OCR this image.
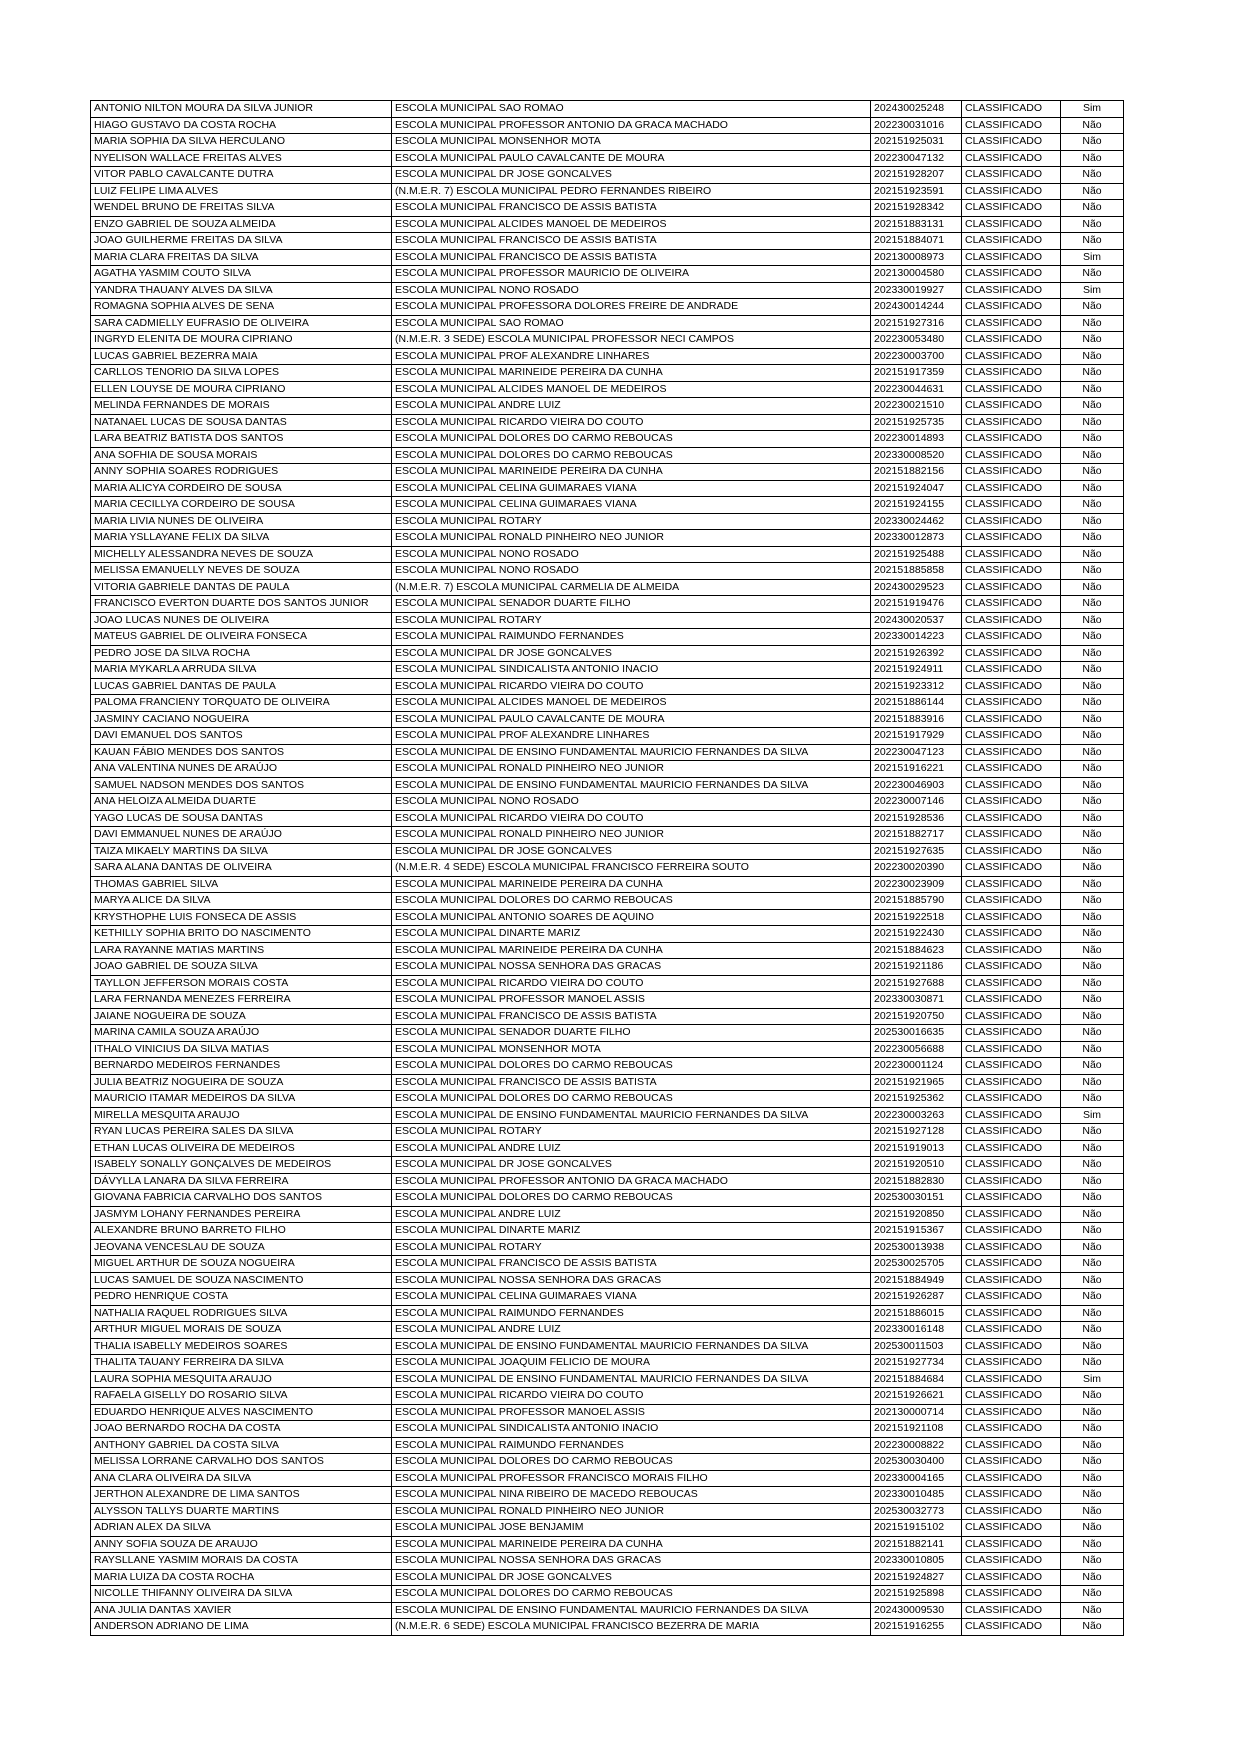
ANTONIO NILTON MOURA DA SILVA JUNIOR	ESCOLA MUNICIPAL SAO ROMAO	202430025248	CLASSIFICADO	Sim
HIAGO GUSTAVO DA COSTA ROCHA	ESCOLA MUNICIPAL PROFESSOR ANTONIO DA GRACA MACHADO	202230031016	CLASSIFICADO	Não
MARIA SOPHIA DA SILVA HERCULANO	ESCOLA MUNICIPAL MONSENHOR MOTA	202151925031	CLASSIFICADO	Não
NYELISON WALLACE FREITAS ALVES	ESCOLA MUNICIPAL PAULO CAVALCANTE DE MOURA	202230047132	CLASSIFICADO	Não
VITOR PABLO CAVALCANTE DUTRA	ESCOLA MUNICIPAL DR JOSE GONCALVES	202151928207	CLASSIFICADO	Não
LUIZ FELIPE LIMA ALVES	(N.M.E.R. 7) ESCOLA MUNICIPAL PEDRO FERNANDES RIBEIRO	202151923591	CLASSIFICADO	Não
WENDEL BRUNO DE FREITAS SILVA	ESCOLA MUNICIPAL FRANCISCO DE ASSIS BATISTA	202151928342	CLASSIFICADO	Não
ENZO GABRIEL DE SOUZA ALMEIDA	ESCOLA MUNICIPAL ALCIDES MANOEL DE MEDEIROS	202151883131	CLASSIFICADO	Não
JOAO GUILHERME FREITAS DA SILVA	ESCOLA MUNICIPAL FRANCISCO DE ASSIS BATISTA	202151884071	CLASSIFICADO	Não
MARIA CLARA FREITAS DA SILVA	ESCOLA MUNICIPAL FRANCISCO DE ASSIS BATISTA	202130008973	CLASSIFICADO	Sim
AGATHA YASMIM COUTO SILVA	ESCOLA MUNICIPAL PROFESSOR MAURICIO DE OLIVEIRA	202130004580	CLASSIFICADO	Não
YANDRA THAUANY ALVES DA SILVA	ESCOLA MUNICIPAL NONO ROSADO	202330019927	CLASSIFICADO	Sim
ROMAGNA SOPHIA ALVES DE SENA	ESCOLA MUNICIPAL PROFESSORA DOLORES FREIRE DE ANDRADE	202430014244	CLASSIFICADO	Não
SARA CADMIELLY EUFRASIO DE OLIVEIRA	ESCOLA MUNICIPAL SAO ROMAO	202151927316	CLASSIFICADO	Não
INGRYD ELENITA DE MOURA CIPRIANO	(N.M.E.R. 3 SEDE) ESCOLA MUNICIPAL PROFESSOR NECI CAMPOS	202230053480	CLASSIFICADO	Não
LUCAS GABRIEL BEZERRA MAIA	ESCOLA MUNICIPAL PROF ALEXANDRE LINHARES	202230003700	CLASSIFICADO	Não
CARLLOS TENORIO DA SILVA LOPES	ESCOLA MUNICIPAL MARINEIDE PEREIRA DA CUNHA	202151917359	CLASSIFICADO	Não
ELLEN LOUYSE DE MOURA CIPRIANO	ESCOLA MUNICIPAL ALCIDES MANOEL DE MEDEIROS	202230044631	CLASSIFICADO	Não
MELINDA FERNANDES DE MORAIS	ESCOLA MUNICIPAL ANDRE LUIZ	202230021510	CLASSIFICADO	Não
NATANAEL LUCAS DE SOUSA DANTAS	ESCOLA MUNICIPAL RICARDO VIEIRA DO COUTO	202151925735	CLASSIFICADO	Não
LARA BEATRIZ BATISTA DOS SANTOS	ESCOLA MUNICIPAL DOLORES DO CARMO REBOUCAS	202230014893	CLASSIFICADO	Não
ANA SOFHIA DE SOUSA MORAIS	ESCOLA MUNICIPAL DOLORES DO CARMO REBOUCAS	202330008520	CLASSIFICADO	Não
ANNY SOPHIA SOARES RODRIGUES	ESCOLA MUNICIPAL MARINEIDE PEREIRA DA CUNHA	202151882156	CLASSIFICADO	Não
MARIA ALICYA CORDEIRO DE SOUSA	ESCOLA MUNICIPAL CELINA GUIMARAES VIANA	202151924047	CLASSIFICADO	Não
MARIA CECILLYA CORDEIRO DE SOUSA	ESCOLA MUNICIPAL CELINA GUIMARAES VIANA	202151924155	CLASSIFICADO	Não
MARIA LIVIA NUNES DE OLIVEIRA	ESCOLA MUNICIPAL ROTARY	202330024462	CLASSIFICADO	Não
MARIA YSLLAYANE FELIX DA SILVA	ESCOLA MUNICIPAL RONALD PINHEIRO NEO JUNIOR	202330012873	CLASSIFICADO	Não
MICHELLY ALESSANDRA NEVES DE SOUZA	ESCOLA MUNICIPAL NONO ROSADO	202151925488	CLASSIFICADO	Não
MELISSA EMANUELLY NEVES DE SOUZA	ESCOLA MUNICIPAL NONO ROSADO	202151885858	CLASSIFICADO	Não
VITORIA GABRIELE DANTAS DE PAULA	(N.M.E.R. 7) ESCOLA MUNICIPAL CARMELIA DE ALMEIDA	202430029523	CLASSIFICADO	Não
FRANCISCO EVERTON DUARTE DOS SANTOS JUNIOR	ESCOLA MUNICIPAL SENADOR DUARTE FILHO	202151919476	CLASSIFICADO	Não
JOAO LUCAS NUNES DE OLIVEIRA	ESCOLA MUNICIPAL ROTARY	202430020537	CLASSIFICADO	Não
MATEUS GABRIEL DE OLIVEIRA FONSECA	ESCOLA MUNICIPAL RAIMUNDO FERNANDES	202330014223	CLASSIFICADO	Não
PEDRO JOSE DA SILVA ROCHA	ESCOLA MUNICIPAL DR JOSE GONCALVES	202151926392	CLASSIFICADO	Não
MARIA MYKARLA ARRUDA SILVA	ESCOLA MUNICIPAL SINDICALISTA ANTONIO INACIO	202151924911	CLASSIFICADO	Não
LUCAS GABRIEL DANTAS DE PAULA	ESCOLA MUNICIPAL RICARDO VIEIRA DO COUTO	202151923312	CLASSIFICADO	Não
PALOMA FRANCIENY TORQUATO DE OLIVEIRA	ESCOLA MUNICIPAL ALCIDES MANOEL DE MEDEIROS	202151886144	CLASSIFICADO	Não
JASMINY CACIANO NOGUEIRA	ESCOLA MUNICIPAL PAULO CAVALCANTE DE MOURA	202151883916	CLASSIFICADO	Não
DAVI EMANUEL DOS SANTOS	ESCOLA MUNICIPAL PROF ALEXANDRE LINHARES	202151917929	CLASSIFICADO	Não
KAUAN FÁBIO MENDES DOS SANTOS	ESCOLA MUNICIPAL DE ENSINO FUNDAMENTAL MAURICIO FERNANDES DA SILVA	202230047123	CLASSIFICADO	Não
ANA VALENTINA NUNES DE ARAÚJO	ESCOLA MUNICIPAL RONALD PINHEIRO NEO JUNIOR	202151916221	CLASSIFICADO	Não
SAMUEL NADSON MENDES DOS SANTOS	ESCOLA MUNICIPAL DE ENSINO FUNDAMENTAL MAURICIO FERNANDES DA SILVA	202230046903	CLASSIFICADO	Não
ANA HELOIZA ALMEIDA DUARTE	ESCOLA MUNICIPAL NONO ROSADO	202230007146	CLASSIFICADO	Não
YAGO LUCAS DE SOUSA DANTAS	ESCOLA MUNICIPAL RICARDO VIEIRA DO COUTO	202151928536	CLASSIFICADO	Não
DAVI EMMANUEL NUNES DE ARAÚJO	ESCOLA MUNICIPAL RONALD PINHEIRO NEO JUNIOR	202151882717	CLASSIFICADO	Não
TAIZA MIKAELY MARTINS DA SILVA	ESCOLA MUNICIPAL DR JOSE GONCALVES	202151927635	CLASSIFICADO	Não
SARA ALANA DANTAS DE OLIVEIRA	(N.M.E.R. 4 SEDE) ESCOLA MUNICIPAL FRANCISCO FERREIRA SOUTO	202230020390	CLASSIFICADO	Não
THOMAS GABRIEL SILVA	ESCOLA MUNICIPAL MARINEIDE PEREIRA DA CUNHA	202230023909	CLASSIFICADO	Não
MARYA ALICE DA SILVA	ESCOLA MUNICIPAL DOLORES DO CARMO REBOUCAS	202151885790	CLASSIFICADO	Não
KRYSTHOPHE LUIS FONSECA DE ASSIS	ESCOLA MUNICIPAL ANTONIO SOARES DE AQUINO	202151922518	CLASSIFICADO	Não
KETHILLY SOPHIA BRITO DO NASCIMENTO	ESCOLA MUNICIPAL DINARTE MARIZ	202151922430	CLASSIFICADO	Não
LARA RAYANNE MATIAS MARTINS	ESCOLA MUNICIPAL MARINEIDE PEREIRA DA CUNHA	202151884623	CLASSIFICADO	Não
JOAO GABRIEL DE SOUZA SILVA	ESCOLA MUNICIPAL NOSSA SENHORA DAS GRACAS	202151921186	CLASSIFICADO	Não
TAYLLON JEFFERSON MORAIS COSTA	ESCOLA MUNICIPAL RICARDO VIEIRA DO COUTO	202151927688	CLASSIFICADO	Não
LARA FERNANDA MENEZES FERREIRA	ESCOLA MUNICIPAL PROFESSOR MANOEL ASSIS	202330030871	CLASSIFICADO	Não
JAIANE NOGUEIRA DE SOUZA	ESCOLA MUNICIPAL FRANCISCO DE ASSIS BATISTA	202151920750	CLASSIFICADO	Não
MARINA CAMILA SOUZA ARAÚJO	ESCOLA MUNICIPAL SENADOR DUARTE FILHO	202530016635	CLASSIFICADO	Não
ITHALO VINICIUS DA SILVA MATIAS	ESCOLA MUNICIPAL MONSENHOR MOTA	202230056688	CLASSIFICADO	Não
BERNARDO MEDEIROS FERNANDES	ESCOLA MUNICIPAL DOLORES DO CARMO REBOUCAS	202230001124	CLASSIFICADO	Não
JULIA BEATRIZ NOGUEIRA DE SOUZA	ESCOLA MUNICIPAL FRANCISCO DE ASSIS BATISTA	202151921965	CLASSIFICADO	Não
MAURICIO ITAMAR MEDEIROS DA SILVA	ESCOLA MUNICIPAL DOLORES DO CARMO REBOUCAS	202151925362	CLASSIFICADO	Não
MIRELLA MESQUITA ARAUJO	ESCOLA MUNICIPAL DE ENSINO FUNDAMENTAL MAURICIO FERNANDES DA SILVA	202230003263	CLASSIFICADO	Sim
RYAN LUCAS PEREIRA SALES DA SILVA	ESCOLA MUNICIPAL ROTARY	202151927128	CLASSIFICADO	Não
ETHAN LUCAS OLIVEIRA DE MEDEIROS	ESCOLA MUNICIPAL ANDRE LUIZ	202151919013	CLASSIFICADO	Não
ISABELY SONALLY GONÇALVES DE MEDEIROS	ESCOLA MUNICIPAL DR JOSE GONCALVES	202151920510	CLASSIFICADO	Não
DÁVYLLA LANARA DA SILVA FERREIRA	ESCOLA MUNICIPAL PROFESSOR ANTONIO DA GRACA MACHADO	202151882830	CLASSIFICADO	Não
GIOVANA FABRICIA CARVALHO DOS SANTOS	ESCOLA MUNICIPAL DOLORES DO CARMO REBOUCAS	202530030151	CLASSIFICADO	Não
JASMYM LOHANY FERNANDES PEREIRA	ESCOLA MUNICIPAL ANDRE LUIZ	202151920850	CLASSIFICADO	Não
ALEXANDRE BRUNO BARRETO FILHO	ESCOLA MUNICIPAL DINARTE MARIZ	202151915367	CLASSIFICADO	Não
JEOVANA VENCESLAU DE SOUZA	ESCOLA MUNICIPAL ROTARY	202530013938	CLASSIFICADO	Não
MIGUEL ARTHUR DE SOUZA NOGUEIRA	ESCOLA MUNICIPAL FRANCISCO DE ASSIS BATISTA	202530025705	CLASSIFICADO	Não
LUCAS SAMUEL DE SOUZA NASCIMENTO	ESCOLA MUNICIPAL NOSSA SENHORA DAS GRACAS	202151884949	CLASSIFICADO	Não
PEDRO HENRIQUE COSTA	ESCOLA MUNICIPAL CELINA GUIMARAES VIANA	202151926287	CLASSIFICADO	Não
NATHALIA RAQUEL RODRIGUES SILVA	ESCOLA MUNICIPAL RAIMUNDO FERNANDES	202151886015	CLASSIFICADO	Não
ARTHUR MIGUEL MORAIS DE SOUZA	ESCOLA MUNICIPAL ANDRE LUIZ	202330016148	CLASSIFICADO	Não
THALIA ISABELLY MEDEIROS SOARES	ESCOLA MUNICIPAL DE ENSINO FUNDAMENTAL MAURICIO FERNANDES DA SILVA	202530011503	CLASSIFICADO	Não
THALITA TAUANY FERREIRA DA SILVA	ESCOLA MUNICIPAL JOAQUIM FELICIO DE MOURA	202151927734	CLASSIFICADO	Não
LAURA SOPHIA MESQUITA ARAUJO	ESCOLA MUNICIPAL DE ENSINO FUNDAMENTAL MAURICIO FERNANDES DA SILVA	202151884684	CLASSIFICADO	Sim
RAFAELA GISELLY DO ROSARIO SILVA	ESCOLA MUNICIPAL RICARDO VIEIRA DO COUTO	202151926621	CLASSIFICADO	Não
EDUARDO HENRIQUE ALVES NASCIMENTO	ESCOLA MUNICIPAL PROFESSOR MANOEL ASSIS	202130000714	CLASSIFICADO	Não
JOAO BERNARDO ROCHA DA COSTA	ESCOLA MUNICIPAL SINDICALISTA ANTONIO INACIO	202151921108	CLASSIFICADO	Não
ANTHONY GABRIEL DA COSTA SILVA	ESCOLA MUNICIPAL RAIMUNDO FERNANDES	202230008822	CLASSIFICADO	Não
MELISSA LORRANE CARVALHO DOS SANTOS	ESCOLA MUNICIPAL DOLORES DO CARMO REBOUCAS	202530030400	CLASSIFICADO	Não
ANA CLARA OLIVEIRA DA SILVA	ESCOLA MUNICIPAL PROFESSOR FRANCISCO MORAIS FILHO	202330004165	CLASSIFICADO	Não
JERTHON ALEXANDRE DE LIMA SANTOS	ESCOLA MUNICIPAL NINA RIBEIRO DE MACEDO REBOUCAS	202330010485	CLASSIFICADO	Não
ALYSSON TALLYS DUARTE MARTINS	ESCOLA MUNICIPAL RONALD PINHEIRO NEO JUNIOR	202530032773	CLASSIFICADO	Não
ADRIAN ALEX DA SILVA	ESCOLA MUNICIPAL JOSE BENJAMIM	202151915102	CLASSIFICADO	Não
ANNY SOFIA SOUZA DE ARAUJO	ESCOLA MUNICIPAL MARINEIDE PEREIRA DA CUNHA	202151882141	CLASSIFICADO	Não
RAYSLLANE YASMIM MORAIS DA COSTA	ESCOLA MUNICIPAL NOSSA SENHORA DAS GRACAS	202330010805	CLASSIFICADO	Não
MARIA LUIZA DA COSTA ROCHA	ESCOLA MUNICIPAL DR JOSE GONCALVES	202151924827	CLASSIFICADO	Não
NICOLLE THIFANNY OLIVEIRA DA SILVA	ESCOLA MUNICIPAL DOLORES DO CARMO REBOUCAS	202151925898	CLASSIFICADO	Não
ANA JULIA DANTAS XAVIER	ESCOLA MUNICIPAL DE ENSINO FUNDAMENTAL MAURICIO FERNANDES DA SILVA	202430009530	CLASSIFICADO	Não
ANDERSON ADRIANO DE LIMA	(N.M.E.R. 6 SEDE) ESCOLA MUNICIPAL FRANCISCO BEZERRA DE MARIA	202151916255	CLASSIFICADO	Não
